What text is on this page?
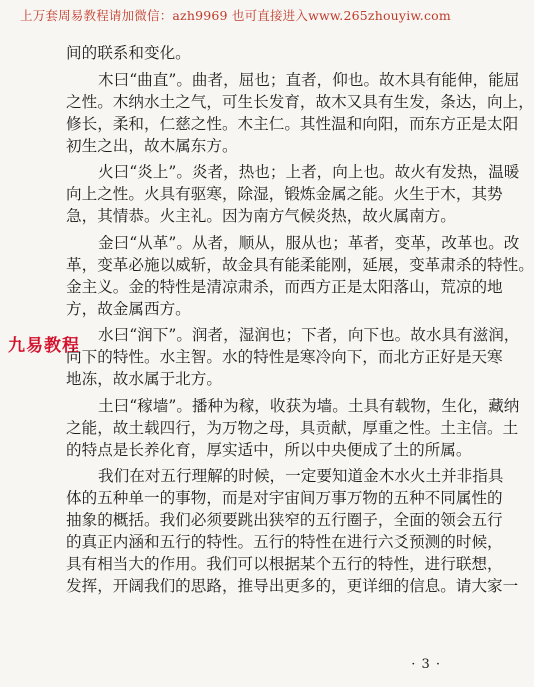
上万套周易教程请加微信：azh9969 也可直接进入www.265zhouyiw.com
九易教程
间的联系和变化。
木曰“曲直”。曲者，屈也；直者，仰也。故木具有能伸，能屈
之性。木纳水土之气，可生长发育，故木又具有生发，条达，向上，
修长，柔和，仁慈之性。木主仁。其性温和向阳，而东方正是太阳
初生之出，故木属东方。
火曰“炎上”。炎者，热也；上者，向上也。故火有发热，温暖
向上之性。火具有驱寒，除湿，锻炼金属之能。火生于木，其势
急，其情恭。火主礼。因为南方气候炎热，故火属南方。
金曰“从革”。从者，顺从，服从也；革者，变革，改革也。改
革，变革必施以威斩，故金具有能柔能刚，延展，变革肃杀的特性。
金主义。金的特性是清凉肃杀，而西方正是太阳落山，荒凉的地
方，故金属西方。
水曰“润下”。润者，湿润也；下者，向下也。故水具有滋润，
向下的特性。水主智。水的特性是寒冷向下，而北方正好是天寒
地冻，故水属于北方。
土曰“稼墙”。播种为稼，收获为墙。土具有载物，生化，藏纳
之能，故土载四行，为万物之母，具贡献，厚重之性。土主信。土
的特点是长养化育，厚实适中，所以中央便成了土的所属。
我们在对五行理解的时候，一定要知道金木水火土并非指具
体的五种单一的事物，而是对宇宙间万事万物的五种不同属性的
抽象的概括。我们必须要跳出狭窄的五行圈子，全面的领会五行
的真正内涵和五行的特性。五行的特性在进行六爻预测的时候，
具有相当大的作用。我们可以根据某个五行的特性，进行联想，
发挥，开阔我们的思路，推导出更多的，更详细的信息。请大家一
· 3 ·
